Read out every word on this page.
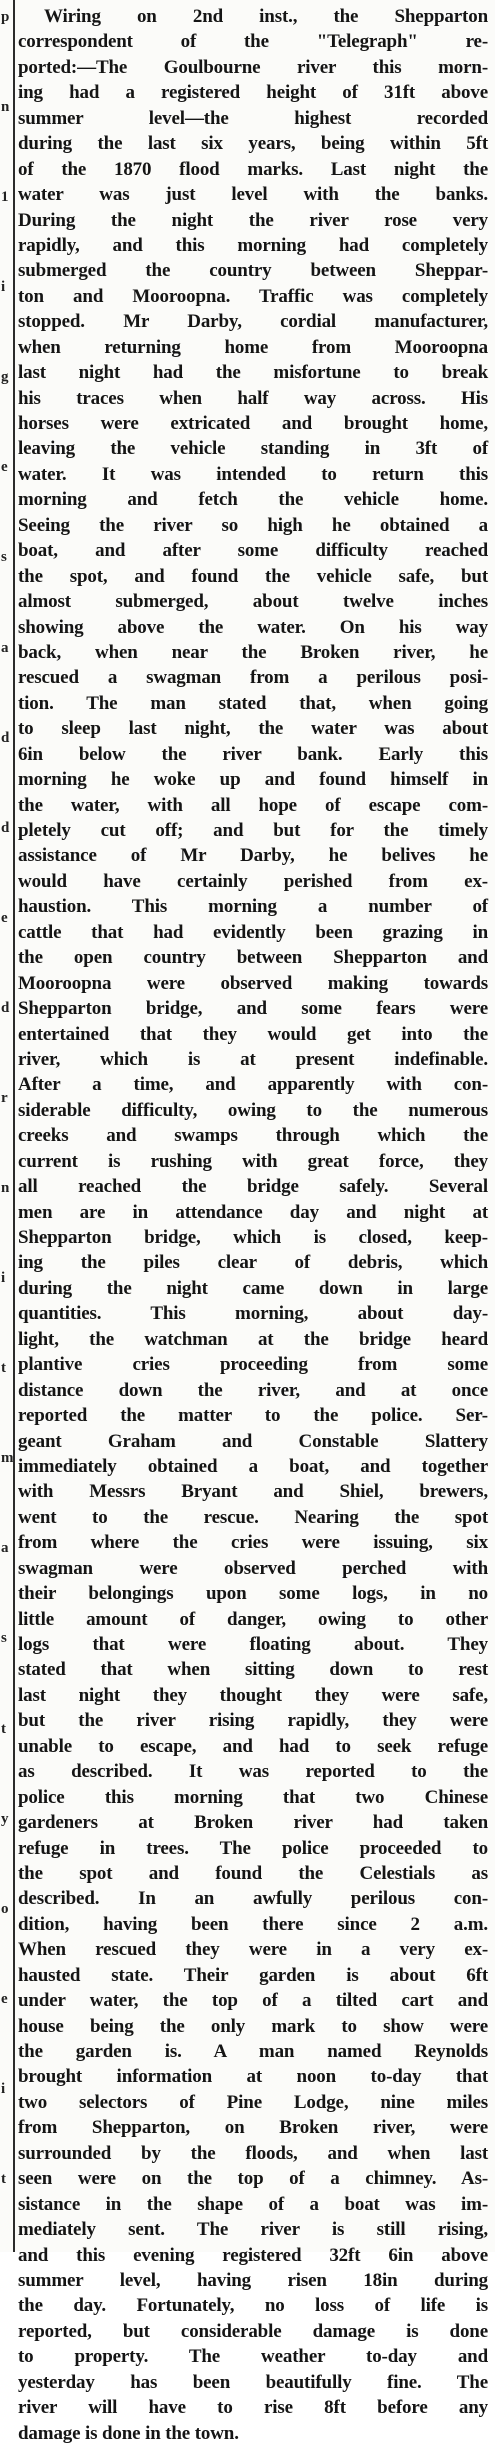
p
n
1
i
g
e
s
a
d
d
e
d
r
n
i
t
m
a
s
t
y
o
e
i
t
Wiring on 2nd inst., the Shepparton
correspondent of the "Telegraph" re-
ported:—The Goulbourne river this morn-
ing had a registered height of 31ft above
summer level—the highest recorded
during the last six years, being within 5ft
of the 1870 flood marks. Last night the
water was just level with the banks.
During the night the river rose very
rapidly, and this morning had completely
submerged the country between Sheppar-
ton and Mooroopna. Traffic was completely
stopped. Mr Darby, cordial manufacturer,
when returning home from Mooroopna
last night had the misfortune to break
his traces when half way across. His
horses were extricated and brought home,
leaving the vehicle standing in 3ft of
water. It was intended to return this
morning and fetch the vehicle home.
Seeing the river so high he obtained a
boat, and after some difficulty reached
the spot, and found the vehicle safe, but
almost submerged, about twelve inches
showing above the water. On his way
back, when near the Broken river, he
rescued a swagman from a perilous posi-
tion. The man stated that, when going
to sleep last night, the water was about
6in below the river bank. Early this
morning he woke up and found himself in
the water, with all hope of escape com-
pletely cut off; and but for the timely
assistance of Mr Darby, he belives he
would have certainly perished from ex-
haustion. This morning a number of
cattle that had evidently been grazing in
the open country between Shepparton and
Mooroopna were observed making towards
Shepparton bridge, and some fears were
entertained that they would get into the
river, which is at present indefinable.
After a time, and apparently with con-
siderable difficulty, owing to the numerous
creeks and swamps through which the
current is rushing with great force, they
all reached the bridge safely. Several
men are in attendance day and night at
Shepparton bridge, which is closed, keep-
ing the piles clear of debris, which
during the night came down in large
quantities. This morning, about day-
light, the watchman at the bridge heard
plantive cries proceeding from some
distance down the river, and at once
reported the matter to the police. Ser-
geant Graham and Constable Slattery
immediately obtained a boat, and together
with Messrs Bryant and Shiel, brewers,
went to the rescue. Nearing the spot
from where the cries were issuing, six
swagman were observed perched with
their belongings upon some logs, in no
little amount of danger, owing to other
logs that were floating about. They
stated that when sitting down to rest
last night they thought they were safe,
but the river rising rapidly, they were
unable to escape, and had to seek refuge
as described. It was reported to the
police this morning that two Chinese
gardeners at Broken river had taken
refuge in trees. The police proceeded to
the spot and found the Celestials as
described. In an awfully perilous con-
dition, having been there since 2 a.m.
When rescued they were in a very ex-
hausted state. Their garden is about 6ft
under water, the top of a tilted cart and
house being the only mark to show were
the garden is. A man named Reynolds
brought information at noon to-day that
two selectors of Pine Lodge, nine miles
from Shepparton, on Broken river, were
surrounded by the floods, and when last
seen were on the top of a chimney. As-
sistance in the shape of a boat was im-
mediately sent. The river is still rising,
and this evening registered 32ft 6in above
summer level, having risen 18in during
the day. Fortunately, no loss of life is
reported, but considerable damage is done
to property. The weather to-day and
yesterday has been beautifully fine. The
river will have to rise 8ft before any
damage is done in the town.
